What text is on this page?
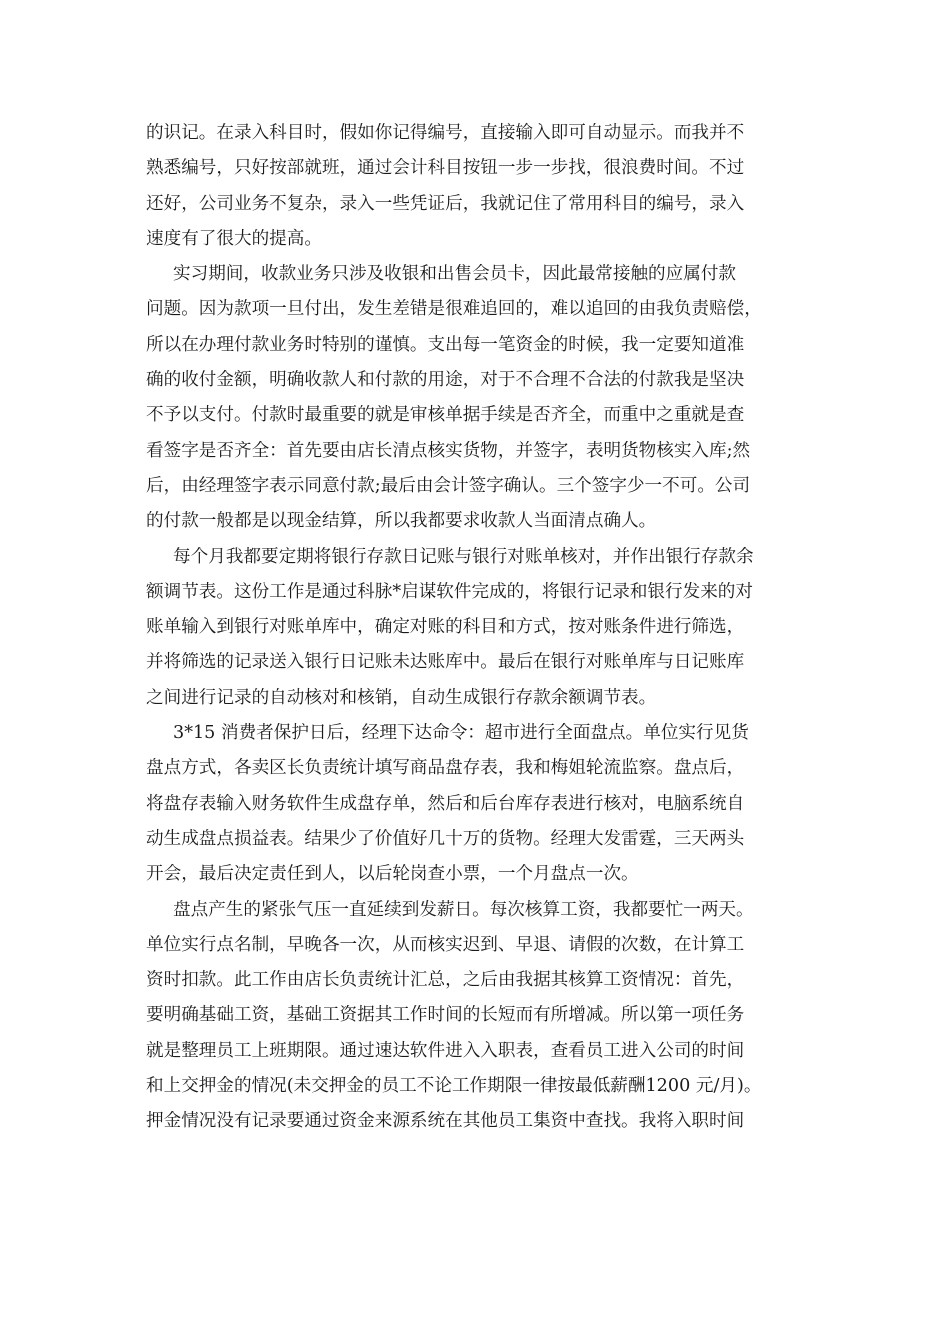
的识记。在录入科目时，假如你记得编号，直接输入即可自动显示。而我并不
熟悉编号，只好按部就班，通过会计科目按钮一步一步找，很浪费时间。不过
还好，公司业务不复杂，录入一些凭证后，我就记住了常用科目的编号，录入
速度有了很大的提高。
实习期间，收款业务只涉及收银和出售会员卡，因此最常接触的应属付款
问题。因为款项一旦付出，发生差错是很难追回的，难以追回的由我负责赔偿，
所以在办理付款业务时特别的谨慎。支出每一笔资金的时候，我一定要知道准
确的收付金额，明确收款人和付款的用途，对于不合理不合法的付款我是坚决
不予以支付。付款时最重要的就是审核单据手续是否齐全，而重中之重就是查
看签字是否齐全：首先要由店长清点核实货物，并签字，表明货物核实入库;然
后，由经理签字表示同意付款;最后由会计签字确认。三个签字少一不可。公司
的付款一般都是以现金结算，所以我都要求收款人当面清点确人。
每个月我都要定期将银行存款日记账与银行对账单核对，并作出银行存款余
额调节表。这份工作是通过科脉*启谋软件完成的，将银行记录和银行发来的对
账单输入到银行对账单库中，确定对账的科目和方式，按对账条件进行筛选，
并将筛选的记录送入银行日记账未达账库中。最后在银行对账单库与日记账库
之间进行记录的自动核对和核销，自动生成银行存款余额调节表。
3*15 消费者保护日后，经理下达命令：超市进行全面盘点。单位实行见货
盘点方式，各卖区长负责统计填写商品盘存表，我和梅姐轮流监察。盘点后，
将盘存表输入财务软件生成盘存单，然后和后台库存表进行核对，电脑系统自
动生成盘点损益表。结果少了价值好几十万的货物。经理大发雷霆，三天两头
开会，最后决定责任到人，以后轮岗查小票，一个月盘点一次。
盘点产生的紧张气压一直延续到发薪日。每次核算工资，我都要忙一两天。
单位实行点名制，早晚各一次，从而核实迟到、早退、请假的次数，在计算工
资时扣款。此工作由店长负责统计汇总，之后由我据其核算工资情况：首先，
要明确基础工资，基础工资据其工作时间的长短而有所增减。所以第一项任务
就是整理员工上班期限。通过速达软件进入入职表，查看员工进入公司的时间
和上交押金的情况(未交押金的员工不论工作期限一律按最低薪酬1200 元/月)。
押金情况没有记录要通过资金来源系统在其他员工集资中查找。我将入职时间
